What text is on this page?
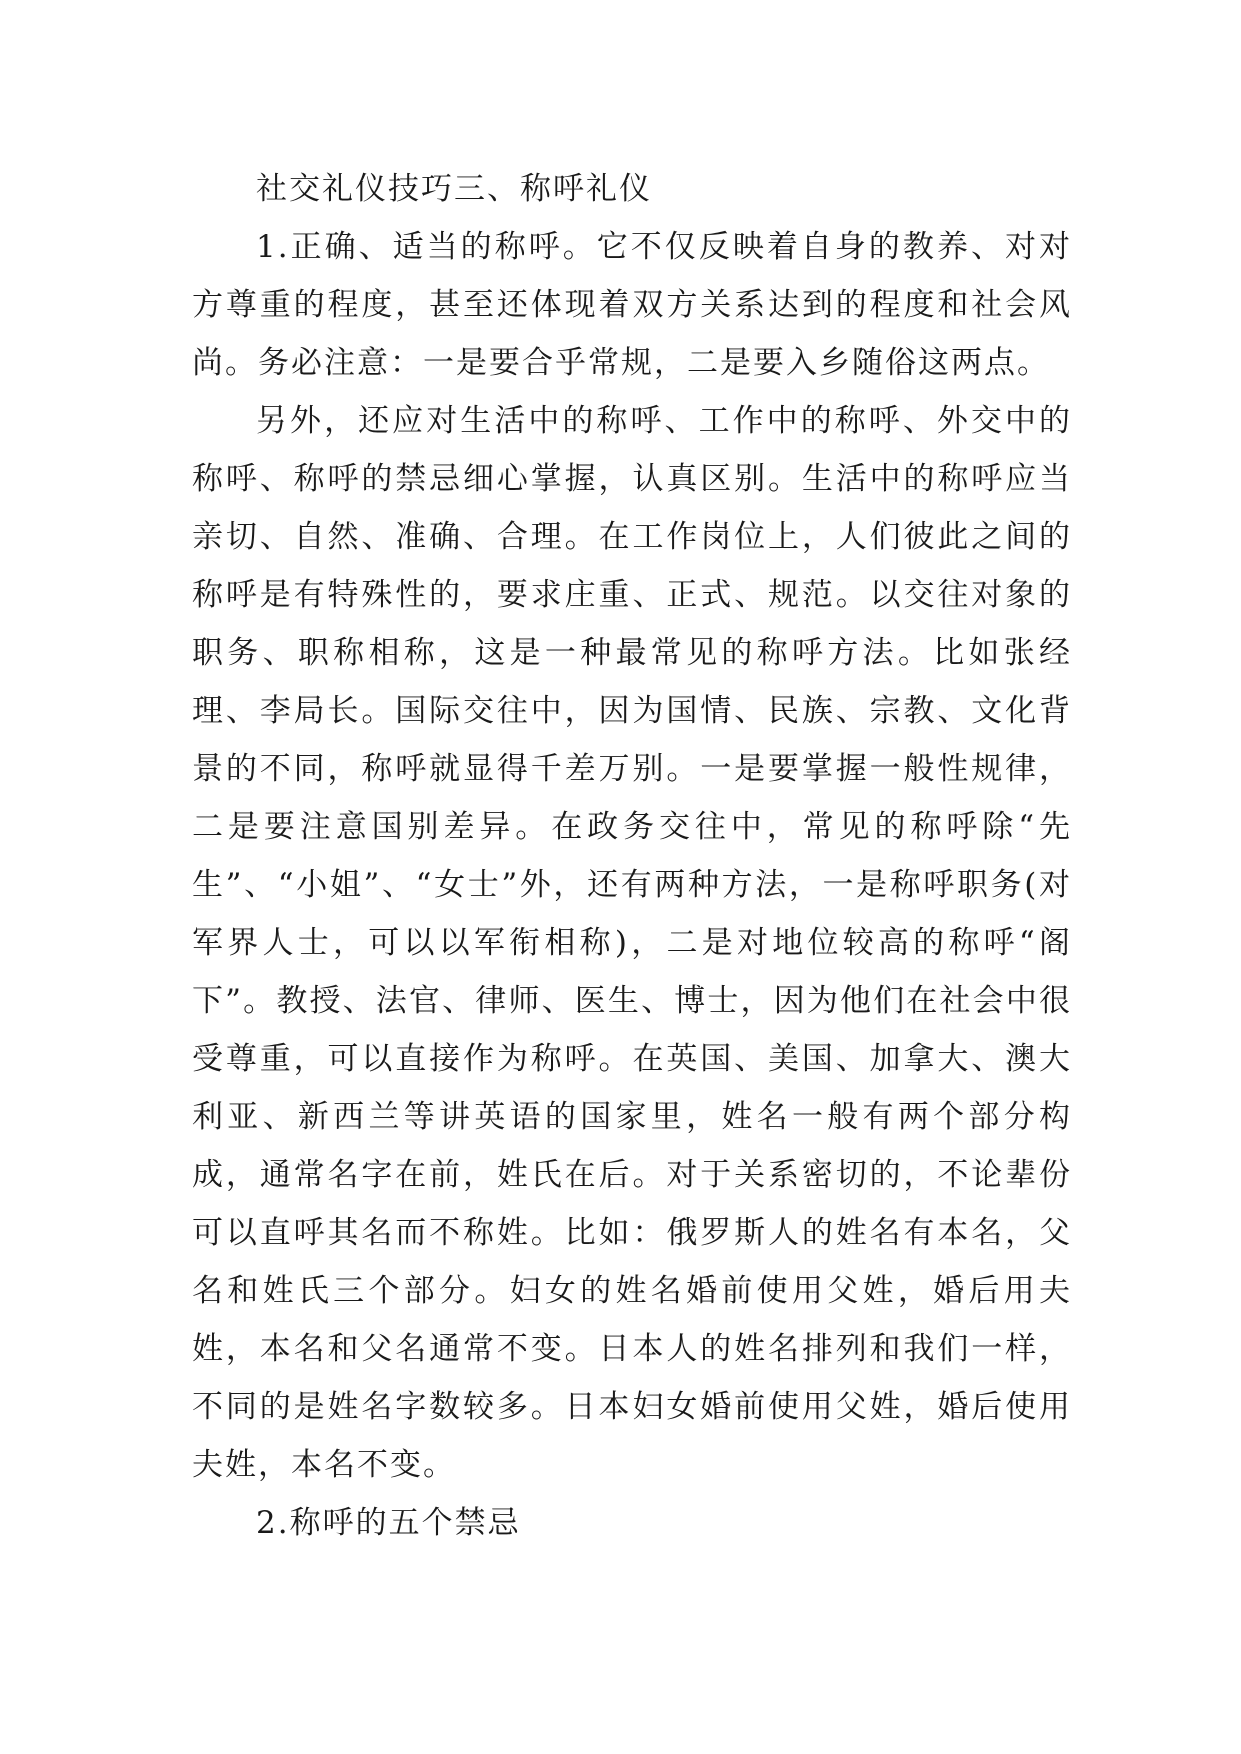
社交礼仪技巧三、称呼礼仪

1.正确、适当的称呼。它不仅反映着自身的教养、对对方尊重的程度，甚至还体现着双方关系达到的程度和社会风尚。务必注意：一是要合乎常规，二是要入乡随俗这两点。

另外，还应对生活中的称呼、工作中的称呼、外交中的称呼、称呼的禁忌细心掌握，认真区别。生活中的称呼应当亲切、自然、准确、合理。在工作岗位上，人们彼此之间的称呼是有特殊性的，要求庄重、正式、规范。以交往对象的职务、职称相称，这是一种最常见的称呼方法。比如张经理、李局长。国际交往中，因为国情、民族、宗教、文化背景的不同，称呼就显得千差万别。一是要掌握一般性规律，二是要注意国别差异。在政务交往中，常见的称呼除“先生”、“小姐”、“女士”外，还有两种方法，一是称呼职务(对军界人士，可以以军衔相称)，二是对地位较高的称呼“阁下”。教授、法官、律师、医生、博士，因为他们在社会中很受尊重，可以直接作为称呼。在英国、美国、加拿大、澳大利亚、新西兰等讲英语的国家里，姓名一般有两个部分构成，通常名字在前，姓氏在后。对于关系密切的，不论辈份可以直呼其名而不称姓。比如：俄罗斯人的姓名有本名，父名和姓氏三个部分。妇女的姓名婚前使用父姓，婚后用夫姓，本名和父名通常不变。日本人的姓名排列和我们一样，不同的是姓名字数较多。日本妇女婚前使用父姓，婚后使用夫姓，本名不变。

2.称呼的五个禁忌
